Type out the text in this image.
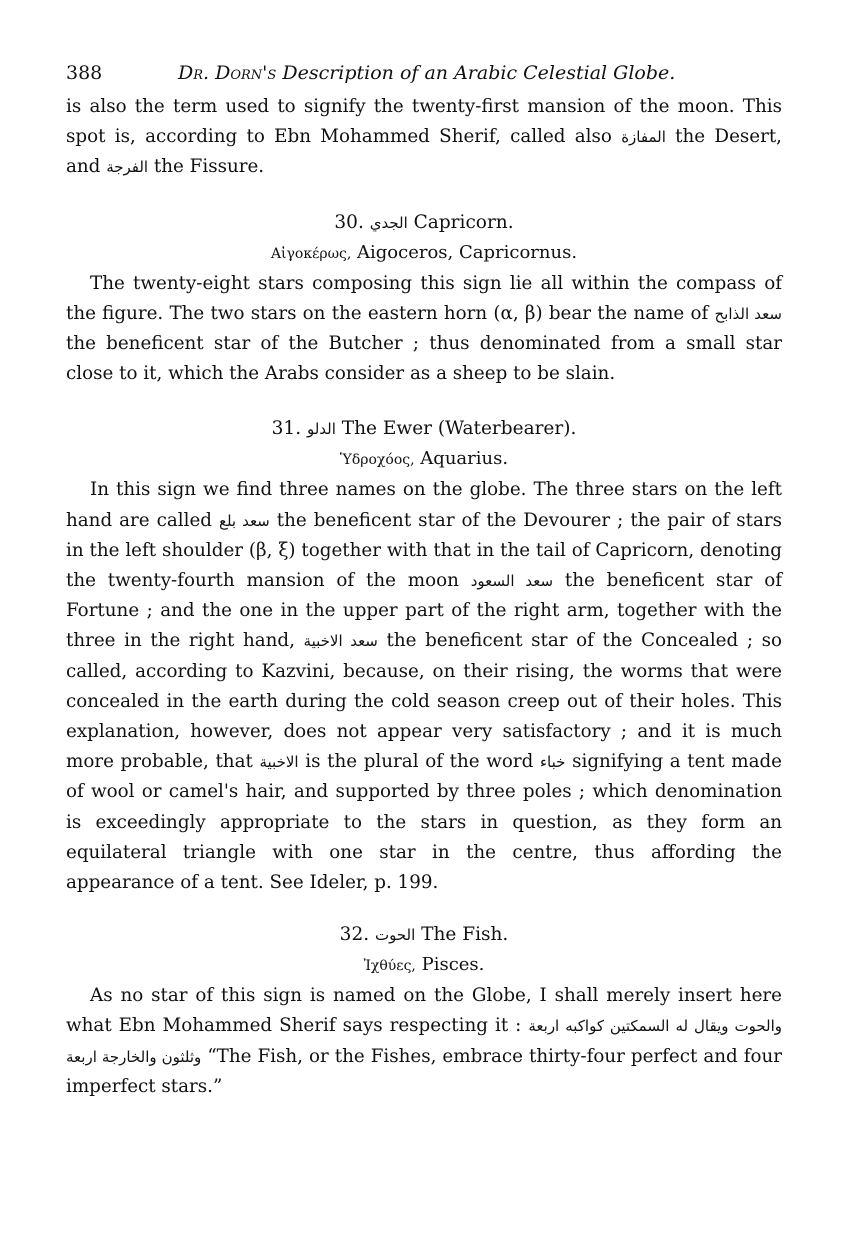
388	Dr. Dorn's Description of an Arabic Celestial Globe.

is also the term used to signify the twenty-first mansion of the moon. This spot is, according to Ebn Mohammed Sherif, called also المفازة the Desert, and الفرجة the Fissure.

30. الجدي Capricorn.

Αἰγοκέρως, Aigoceros, Capricornus.

The twenty-eight stars composing this sign lie all within the compass of the figure. The two stars on the eastern horn (α, β) bear the name of سعد الذابح the beneficent star of the Butcher ; thus denominated from a small star close to it, which the Arabs consider as a sheep to be slain.

31. الدلو The Ewer (Waterbearer).

Ὑδροχόος, Aquarius.

In this sign we find three names on the globe. The three stars on the left hand are called سعد بلع the beneficent star of the Devourer ; the pair of stars in the left shoulder (β, ξ) together with that in the tail of Capricorn, denoting the twenty-fourth mansion of the moon سعد السعود the beneficent star of Fortune ; and the one in the upper part of the right arm, together with the three in the right hand, سعد الاخبية the beneficent star of the Concealed ; so called, according to Kazvini, because, on their rising, the worms that were concealed in the earth during the cold season creep out of their holes. This explanation, however, does not appear very satisfactory ; and it is much more probable, that الاخبية is the plural of the word خباء signifying a tent made of wool or camel's hair, and supported by three poles ; which denomination is exceedingly appropriate to the stars in question, as they form an equilateral triangle with one star in the centre, thus affording the appearance of a tent. See Ideler, p. 199.

32. الحوت The Fish.

Ἰχθύες, Pisces.

As no star of this sign is named on the Globe, I shall merely insert here what Ebn Mohammed Sherif says respecting it : والحوت ويقال له السمكتين كواكبه اربعة وثلثون والخارجة اربعة “The Fish, or the Fishes, embrace thirty-four perfect and four imperfect stars.”
